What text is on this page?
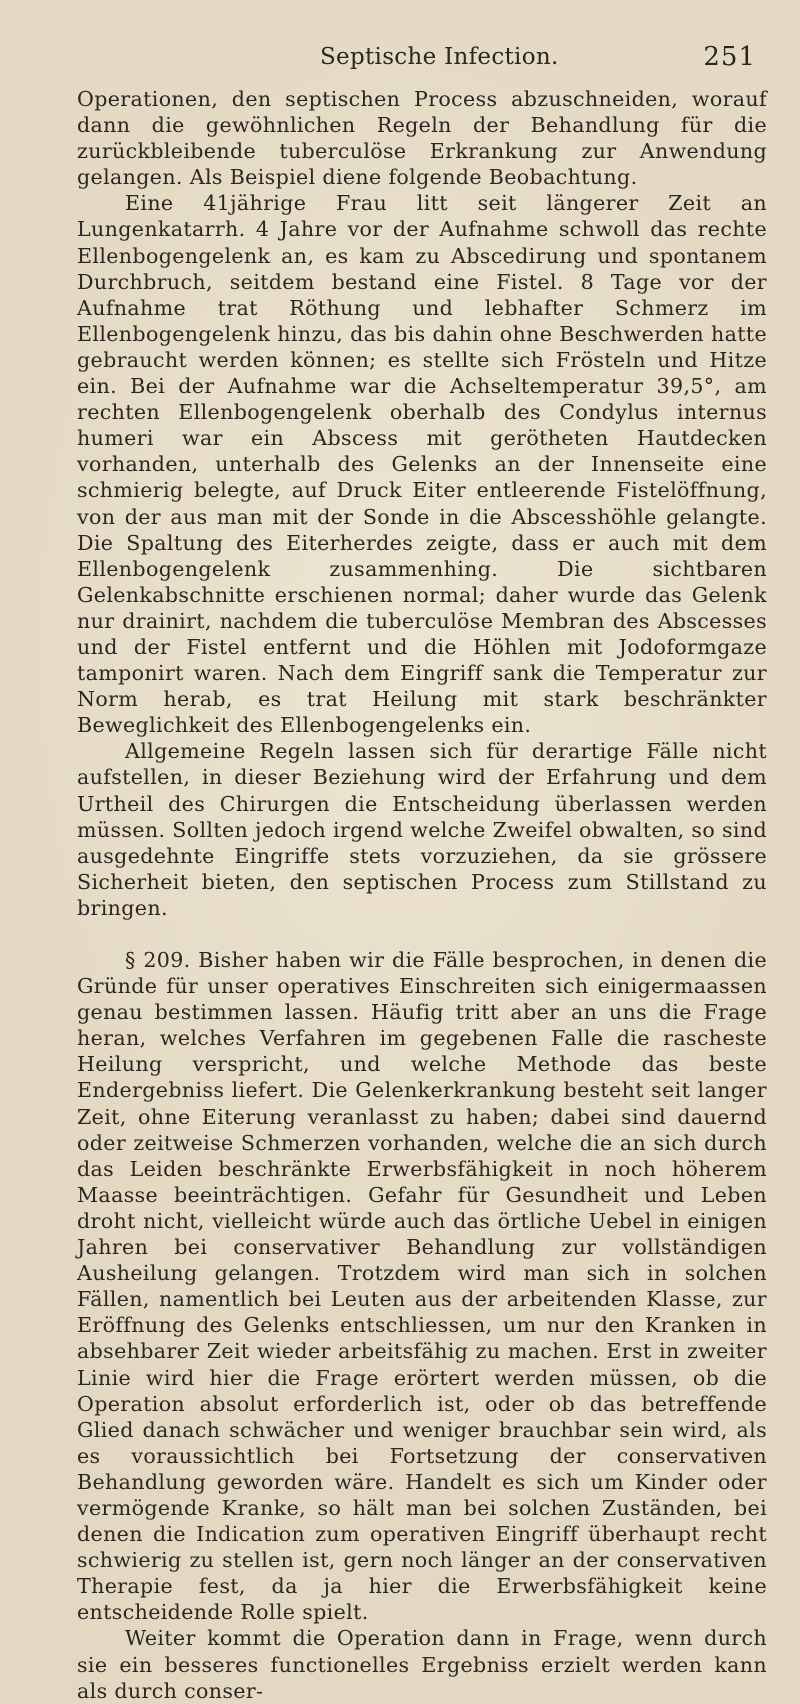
Septische Infection.	251

Operationen, den septischen Process abzuschneiden, worauf dann die gewöhnlichen Regeln der Behandlung für die zurückbleibende tuberculöse Erkrankung zur Anwendung gelangen. Als Beispiel diene folgende Beobachtung.

Eine 41jährige Frau litt seit längerer Zeit an Lungenkatarrh. 4 Jahre vor der Aufnahme schwoll das rechte Ellenbogengelenk an, es kam zu Abscedirung und spontanem Durchbruch, seitdem bestand eine Fistel. 8 Tage vor der Aufnahme trat Röthung und lebhafter Schmerz im Ellenbogengelenk hinzu, das bis dahin ohne Beschwerden hatte gebraucht werden können; es stellte sich Frösteln und Hitze ein. Bei der Aufnahme war die Achseltemperatur 39,5°, am rechten Ellenbogengelenk oberhalb des Condylus internus humeri war ein Abscess mit gerötheten Hautdecken vorhanden, unterhalb des Gelenks an der Innenseite eine schmierig belegte, auf Druck Eiter entleerende Fistelöffnung, von der aus man mit der Sonde in die Abscesshöhle gelangte. Die Spaltung des Eiterherdes zeigte, dass er auch mit dem Ellenbogengelenk zusammenhing. Die sichtbaren Gelenkabschnitte erschienen normal; daher wurde das Gelenk nur drainirt, nachdem die tuberculöse Membran des Abscesses und der Fistel entfernt und die Höhlen mit Jodoformgaze tamponirt waren. Nach dem Eingriff sank die Temperatur zur Norm herab, es trat Heilung mit stark beschränkter Beweglichkeit des Ellenbogengelenks ein.

Allgemeine Regeln lassen sich für derartige Fälle nicht aufstellen, in dieser Beziehung wird der Erfahrung und dem Urtheil des Chirurgen die Entscheidung überlassen werden müssen. Sollten jedoch irgend welche Zweifel obwalten, so sind ausgedehnte Eingriffe stets vorzuziehen, da sie grössere Sicherheit bieten, den septischen Process zum Stillstand zu bringen.

§ 209. Bisher haben wir die Fälle besprochen, in denen die Gründe für unser operatives Einschreiten sich einigermaassen genau bestimmen lassen. Häufig tritt aber an uns die Frage heran, welches Verfahren im gegebenen Falle die rascheste Heilung verspricht, und welche Methode das beste Endergebniss liefert. Die Gelenkerkrankung besteht seit langer Zeit, ohne Eiterung veranlasst zu haben; dabei sind dauernd oder zeitweise Schmerzen vorhanden, welche die an sich durch das Leiden beschränkte Erwerbsfähigkeit in noch höherem Maasse beeinträchtigen. Gefahr für Gesundheit und Leben droht nicht, vielleicht würde auch das örtliche Uebel in einigen Jahren bei conservativer Behandlung zur vollständigen Ausheilung gelangen. Trotzdem wird man sich in solchen Fällen, namentlich bei Leuten aus der arbeitenden Klasse, zur Eröffnung des Gelenks entschliessen, um nur den Kranken in absehbarer Zeit wieder arbeitsfähig zu machen. Erst in zweiter Linie wird hier die Frage erörtert werden müssen, ob die Operation absolut erforderlich ist, oder ob das betreffende Glied danach schwächer und weniger brauchbar sein wird, als es voraussichtlich bei Fortsetzung der conservativen Behandlung geworden wäre. Handelt es sich um Kinder oder vermögende Kranke, so hält man bei solchen Zuständen, bei denen die Indication zum operativen Eingriff überhaupt recht schwierig zu stellen ist, gern noch länger an der conservativen Therapie fest, da ja hier die Erwerbsfähigkeit keine entscheidende Rolle spielt.

Weiter kommt die Operation dann in Frage, wenn durch sie ein besseres functionelles Ergebniss erzielt werden kann als durch conser-
